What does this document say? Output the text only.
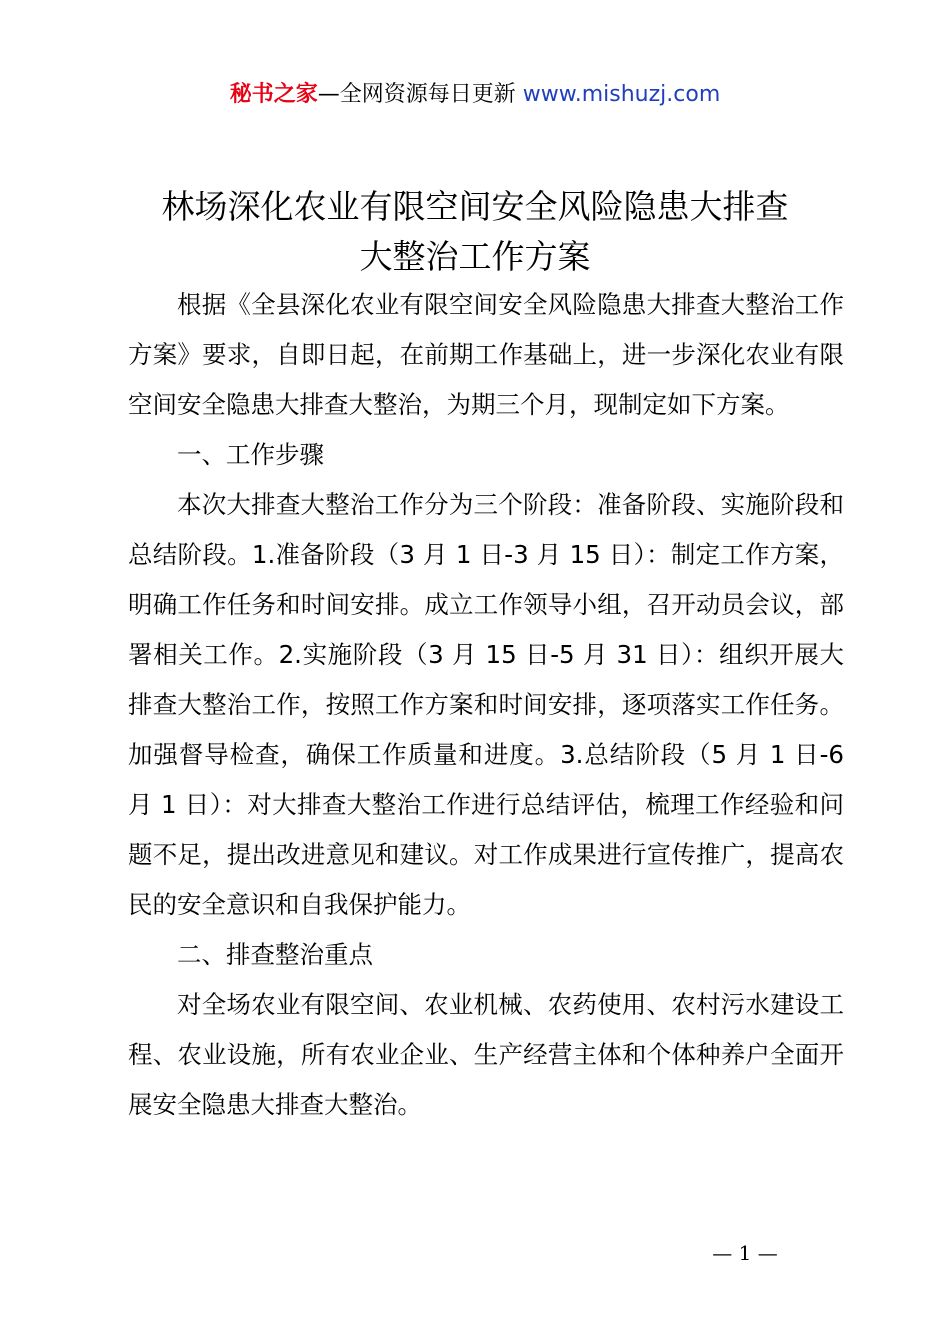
秘书之家—全网资源每日更新 www.mishuzj.com
林场深化农业有限空间安全风险隐患大排查
大整治工作方案

根据《全县深化农业有限空间安全风险隐患大排查大整治工作方案》要求，自即日起，在前期工作基础上，进一步深化农业有限空间安全隐患大排查大整治，为期三个月，现制定如下方案。

一、工作步骤

本次大排查大整治工作分为三个阶段：准备阶段、实施阶段和总结阶段。1.准备阶段（3 月 1 日-3 月 15 日）：制定工作方案，明确工作任务和时间安排。成立工作领导小组，召开动员会议，部署相关工作。2.实施阶段（3 月 15 日-5 月 31 日）：组织开展大排查大整治工作，按照工作方案和时间安排，逐项落实工作任务。加强督导检查，确保工作质量和进度。3.总结阶段（5 月 1 日-6 月 1 日）：对大排查大整治工作进行总结评估，梳理工作经验和问题不足，提出改进意见和建议。对工作成果进行宣传推广，提高农民的安全意识和自我保护能力。

二、排查整治重点

对全场农业有限空间、农业机械、农药使用、农村污水建设工程、农业设施，所有农业企业、生产经营主体和个体种养户全面开展安全隐患大排查大整治。

— 1 —
